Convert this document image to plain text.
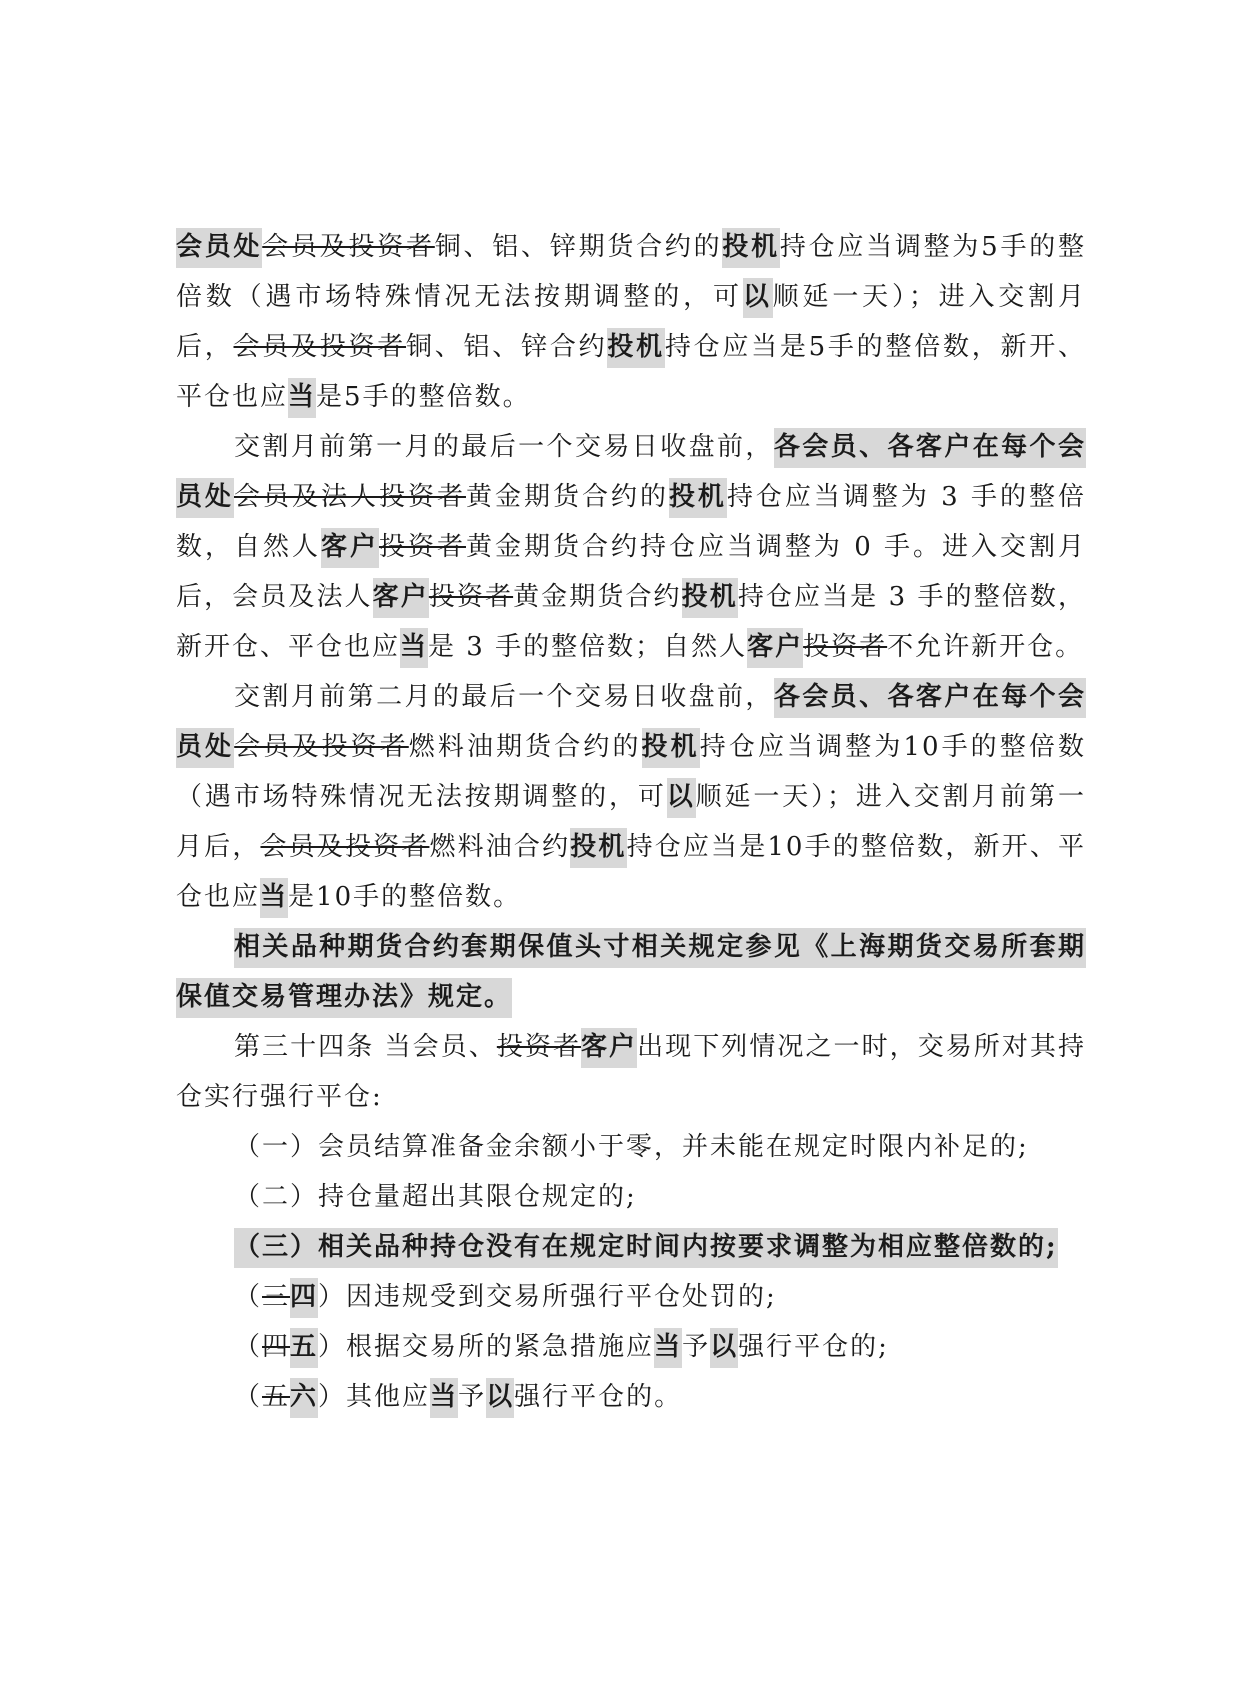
会员处会员及投资者铜、铝、锌期货合约的投机持仓应当调整为5手的整倍数（遇市场特殊情况无法按期调整的，可以顺延一天）；进入交割月后，会员及投资者铜、铝、锌合约投机持仓应当是5手的整倍数，新开、平仓也应当是5手的整倍数。

交割月前第一月的最后一个交易日收盘前，各会员、各客户在每个会员处会员及法人投资者黄金期货合约的投机持仓应当调整为 3 手的整倍数，自然人客户投资者黄金期货合约持仓应当调整为 0 手。进入交割月后，会员及法人客户投资者黄金期货合约投机持仓应当是 3 手的整倍数，新开仓、平仓也应当是 3 手的整倍数；自然人客户投资者不允许新开仓。

交割月前第二月的最后一个交易日收盘前，各会员、各客户在每个会员处会员及投资者燃料油期货合约的投机持仓应当调整为10手的整倍数（遇市场特殊情况无法按期调整的，可以顺延一天）；进入交割月前第一月后，会员及投资者燃料油合约投机持仓应当是10手的整倍数，新开、平仓也应当是10手的整倍数。

相关品种期货合约套期保值头寸相关规定参见《上海期货交易所套期保值交易管理办法》规定。

第三十四条 当会员、投资者客户出现下列情况之一时，交易所对其持仓实行强行平仓:

（一）会员结算准备金余额小于零，并未能在规定时限内补足的;

（二）持仓量超出其限仓规定的;

（三）相关品种持仓没有在规定时间内按要求调整为相应整倍数的;

（三四）因违规受到交易所强行平仓处罚的;

（四五）根据交易所的紧急措施应当予以强行平仓的;

（五六）其他应当予以强行平仓的。
